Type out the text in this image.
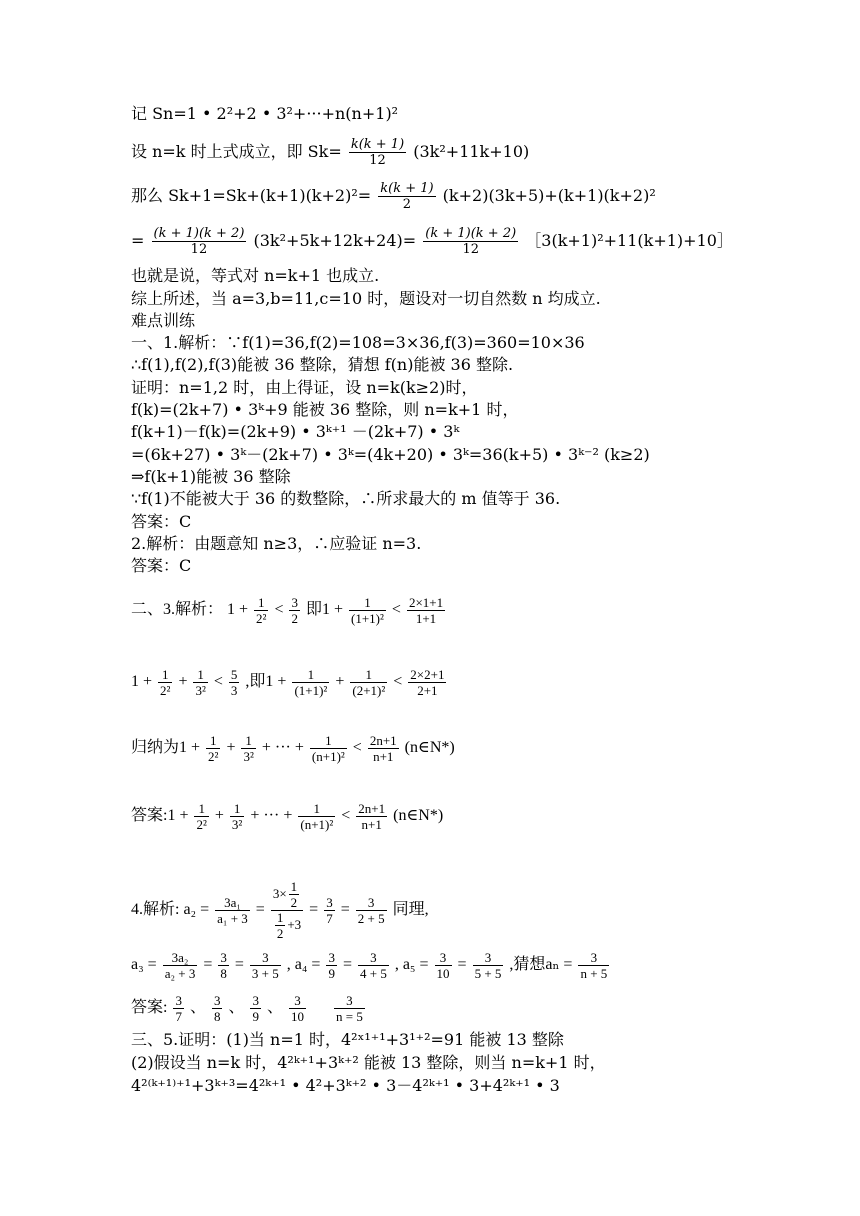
记 Sn=1 • 2²+2 • 3²+···+n(n+1)²
设 n=k 时上式成立，即 $Sk= \frac{k(k + 1)}{12} (3k^2+11k+10)$
那么 $Sk+1=Sk+(k+1)(k+2)^2= \frac{k(k + 1)}{2} (k+2)(3k+5)+(k+1)(k+2)^2$
= $\frac{(k + 1)(k + 2)}{12} (3k^2+5k+12k+24)= \frac{(k + 1)(k + 2)}{12}$ ［3(k+1)²+11(k+1)+10］
也就是说，等式对 n=k+1 也成立.
综上所述，当 a=3,b=11,c=10 时，题设对一切自然数 n 均成立.
难点训练
一、1.解析：∵f(1)=36,f(2)=108=3×36,f(3)=360=10×36
∴f(1),f(2),f(3)能被 36 整除，猜想 f(n)能被 36 整除.
证明：n=1,2 时，由上得证，设 n=k(k≥2)时，
f(k)=(2k+7) • 3ᵏ+9 能被 36 整除，则 n=k+1 时，
f(k+1)－f(k)=(2k+9) • 3ᵏ⁺¹ －(2k+7) • 3ᵏ
=(6k+27) • 3ᵏ－(2k+7) • 3ᵏ=(4k+20) • 3ᵏ=36(k+5) • 3ᵏ⁻² (k≥2)
⇒f(k+1)能被 36 整除
∵f(1)不能被大于 36 的数整除，∴所求最大的 m 值等于 36.
答案：C
2.解析：由题意知 n≥3，∴应验证 n=3.
答案：C
二、3.解析： $1 + \frac{1}{\text{2²}} < \frac{3}{2}$ 即$1 + \frac{1}{\text{(1+1)²}} < \frac{2\times 1+1}{1+1}$
$1 + \frac{1}{\text{2²}} + \frac{1}{\text{3²}} < \frac{5}{3}$ ,即$1 + \frac{1}{\text{(1+1)²}} + \frac{1}{\text{(2+1)²}} < \frac{2\times 2+1}{2+1}$
归纳为$1 + \frac{1}{\text{2²}} + \frac{1}{\text{3²}}$ + ··· + $\frac{1}{\text{(n+1)²}} < \frac{2n+1}{n+1}$ (n∈N*)
答案:1 + $\frac{1}{\text{2²}} + \frac{1}{\text{3²}}$ + ··· + $\frac{1}{\text{(n+1)²}} < \frac{2n+1}{n+1}$ (n∈N*)
4.解析: $a_2 = \frac{\text{3a₁}}{\text{a₁ + 3}} = \frac{3\times \frac{1}{2}}{\frac{1}{2} +3} = \frac{3}{7} = \frac{3}{2 + 5}$ 同理,
$a_3 = \frac{\text{3a₂}}{\text{a₂ + 3}} = \frac{3}{8} = \frac{3}{3 + 5}$ , $a_4 = \frac{3}{9} = \frac{3}{4 + 5}$ , $a_5 = \frac{3}{10} = \frac{3}{5 + 5}$ ,猜想$a_n = \frac{3}{n + 5}$
答案: $\frac{3}{7}$ 、 $\frac{3}{8}$ 、 $\frac{3}{9}$ 、 $\frac{3}{10}$
$\frac{3}{n = 5}$
三、5.证明：(1)当 n=1 时，4²ˣ¹⁺¹+3¹⁺²=91 能被 13 整除
(2)假设当 n=k 时，4²ᵏ⁺¹+3ᵏ⁺² 能被 13 整除，则当 n=k+1 时，
4²⁽ᵏ⁺¹⁾⁺¹+3ᵏ⁺³=4²ᵏ⁺¹ • 4²+3ᵏ⁺² • 3－4²ᵏ⁺¹ • 3+4²ᵏ⁺¹ • 3
